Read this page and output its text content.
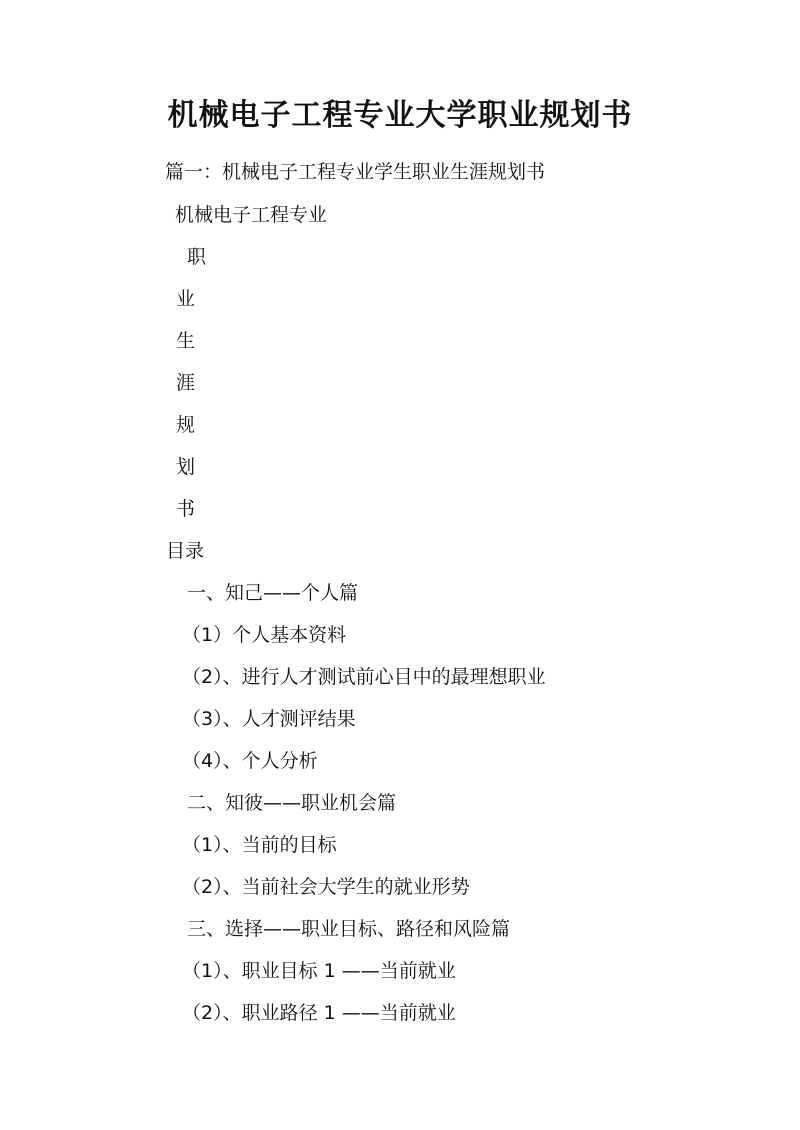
机械电子工程专业大学职业规划书

篇一：机械电子工程专业学生职业生涯规划书

机械电子工程专业

职

业

生

涯

规

划

书

目录

一、知己——个人篇

（1）个人基本资料

（2）、进行人才测试前心目中的最理想职业

（3）、人才测评结果

（4）、个人分析

二、知彼——职业机会篇

（1）、当前的目标

（2）、当前社会大学生的就业形势

三、选择——职业目标、路径和风险篇

（1）、职业目标 1 ——当前就业

（2）、职业路径 1 ——当前就业
